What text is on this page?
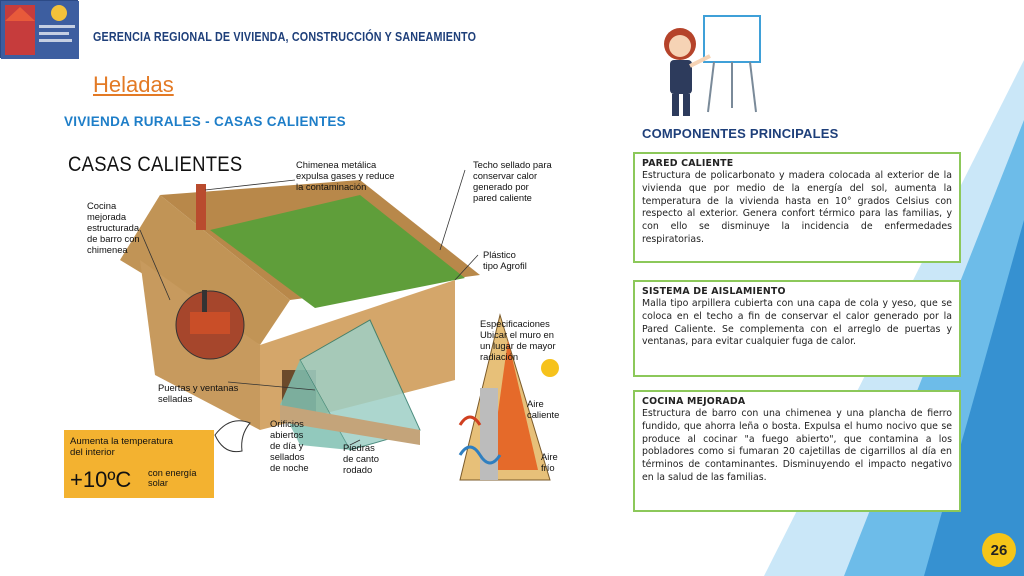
GERENCIA REGIONAL DE VIVIENDA, CONSTRUCCIÓN Y SANEAMIENTO
Heladas
VIVIENDA RURALES - CASAS CALIENTES
GOBIERNO REGIONAL
AREQUIPA
CASAS CALIENTES
Cocina
mejorada
estructurada
de barro con
chimenea
Chimenea metálica
expulsa gases y reduce
la contaminación
Techo sellado para
conservar calor
generado por
pared caliente
Plástico
tipo Agrofil
Especificaciones
Ubicar el muro en
un lugar de mayor
radiación
Puertas y ventanas
selladas
Orificios
abiertos
de día y
sellados
de noche
Piedras
de canto
rodado
Aire
caliente
Aire
frío
Aumenta la temperatura
del interior
+10ºC con energía
solar
COMPONENTES PRINCIPALES
PARED CALIENTE

Estructura de policarbonato y madera colocada al exterior de la vivienda que por medio de la energía del sol, aumenta la temperatura de la vivienda hasta en 10° grados Celsius con respecto al exterior. Genera confort térmico para las familias, y con ello se disminuye la incidencia de enfermedades respiratorias.

SISTEMA DE AISLAMIENTO

Malla tipo arpillera cubierta con una capa de cola y yeso, que se coloca en el techo a fin de conservar el calor generado por la Pared Caliente. Se complementa con el arreglo de puertas y ventanas, para evitar cualquier fuga de calor.

COCINA MEJORADA

Estructura de barro con una chimenea y una plancha de fierro fundido, que ahorra leña o bosta. Expulsa el humo nocivo que se produce al cocinar "a fuego abierto", que contamina a los pobladores como si fumaran 20 cajetillas de cigarrillos al día en términos de contaminantes. Disminuyendo el impacto negativo en la salud de las familias.

26
